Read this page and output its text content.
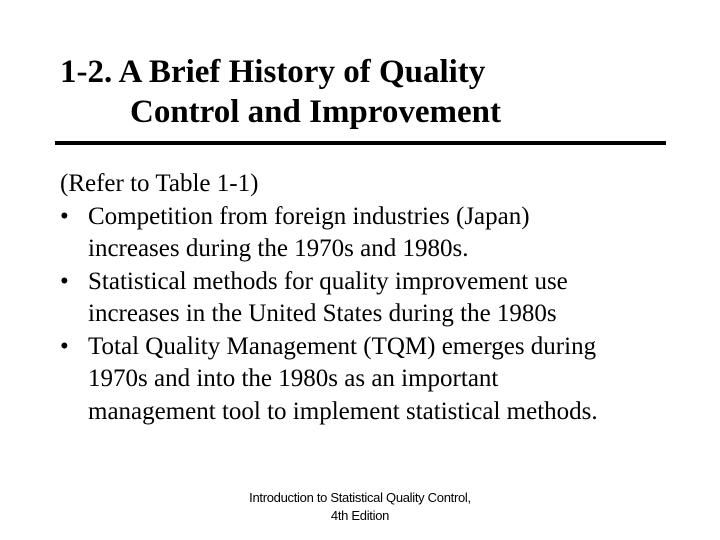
1-2. A Brief History of Quality
Control and Improvement
(Refer to Table 1-1)
• Competition from foreign industries (Japan)
increases during the 1970s and 1980s.
• Statistical methods for quality improvement use
increases in the United States during the 1980s
• Total Quality Management (TQM) emerges during
1970s and into the 1980s as an important
management tool to implement statistical methods.
Introduction to Statistical Quality Control,
4th Edition
